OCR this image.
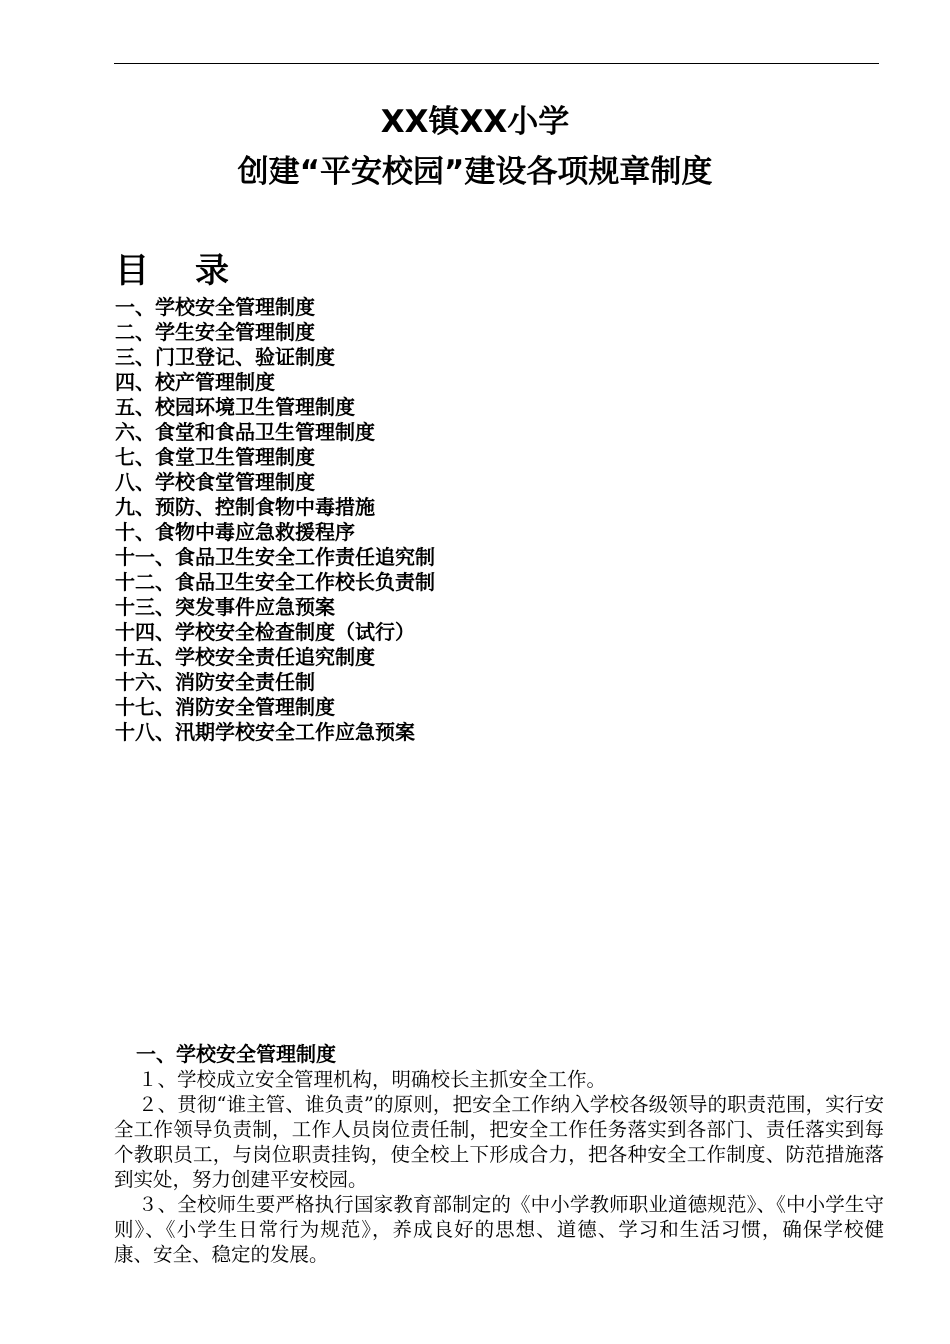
XX镇XX小学
创建“平安校园”建设各项规章制度
目录
一、学校安全管理制度
二、学生安全管理制度
三、门卫登记、验证制度
四、校产管理制度
五、校园环境卫生管理制度
六、食堂和食品卫生管理制度
七、食堂卫生管理制度
八、学校食堂管理制度
九、预防、控制食物中毒措施
十、食物中毒应急救援程序
十一、食品卫生安全工作责任追究制
十二、食品卫生安全工作校长负责制
十三、突发事件应急预案
十四、学校安全检查制度（试行）
十五、学校安全责任追究制度
十六、消防安全责任制
十七、消防安全管理制度
十八、汛期学校安全工作应急预案
一、学校安全管理制度

１、学校成立安全管理机构，明确校长主抓安全工作。

２、贯彻“谁主管、谁负责”的原则，把安全工作纳入学校各级领导的职责范围，实行安全工作领导负责制，工作人员岗位责任制，把安全工作任务落实到各部门、责任落实到每个教职员工，与岗位职责挂钩，使全校上下形成合力，把各种安全工作制度、防范措施落到实处，努力创建平安校园。

３、全校师生要严格执行国家教育部制定的《中小学教师职业道德规范》、《中小学生守则》、《小学生日常行为规范》，养成良好的思想、道德、学习和生活习惯，确保学校健康、安全、稳定的发展。
